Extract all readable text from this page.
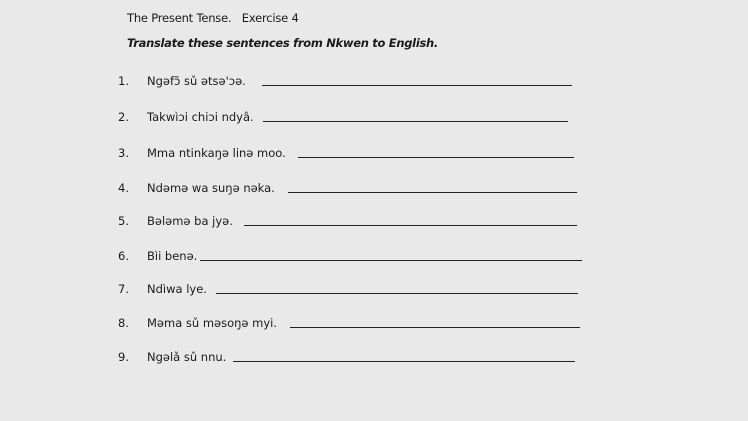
The Present Tense. Exercise 4
Translate these sentences from Nkwen to English.
1. Ngəfɔ̃ sǔ ətsəꞌɔə.
2. Takwìɔi chiɔi ndyâ.
3. Mma ntinkaŋə linə moo.
4. Ndəmə wa suŋə nəka.
5. Bələmə ba jyə.
6. Bìi benə.
7. Ndìwa lye.
8. Məma sǔ məsoŋə myi.
9. Ngəlǎ sǔ nnu.
